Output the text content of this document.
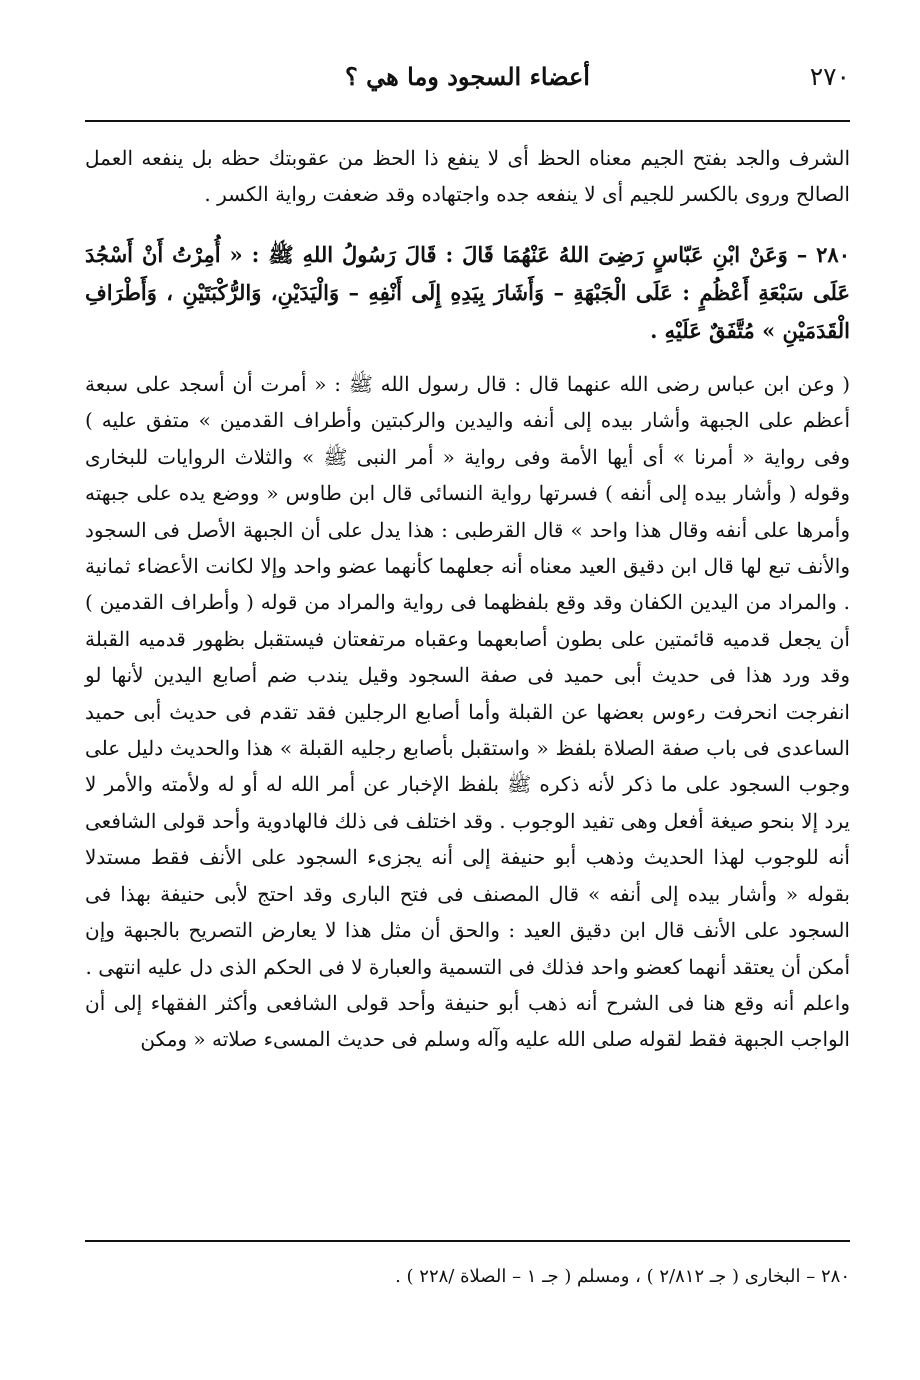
٢٧٠
أعضاء السجود وما هي ؟

الشرف والجد بفتح الجيم معناه الحظ أى لا ينفع ذا الحظ من عقوبتك حظه بل ينفعه العمل الصالح وروى بالكسر للجيم أى لا ينفعه جده واجتهاده وقد ضعفت رواية الكسر .

٢٨٠ – وَعَنْ ابْنِ عَبّاسٍ رَضِىَ اللهُ عَنْهُمَا قَالَ : قَالَ رَسُولُ اللهِ ﷺ : « أُمِرْتُ أَنْ أَسْجُدَ عَلَى سَبْعَةِ أَعْظُمٍ : عَلَى الْجَبْهَةِ – وَأَشَارَ بِيَدِهِ إِلَى أَنْفِهِ – وَالْيَدَيْنِ، وَالرُّكْبَتَيْنِ ، وَأَطْرَافِ الْقَدَمَيْنِ » مُتَّفَقٌ عَلَيْهِ .

( وعن ابن عباس رضى الله عنهما قال : قال رسول الله ﷺ : « أمرت أن أسجد على سبعة أعظم على الجبهة وأشار بيده إلى أنفه واليدين والركبتين وأطراف القدمين » متفق عليه ) وفى رواية « أمرنا » أى أيها الأمة وفى رواية « أمر النبى ﷺ » والثلاث الروايات للبخارى وقوله ( وأشار بيده إلى أنفه ) فسرتها رواية النسائى قال ابن طاوس « ووضع يده على جبهته وأمرها على أنفه وقال هذا واحد » قال القرطبى : هذا يدل على أن الجبهة الأصل فى السجود والأنف تبع لها قال ابن دقيق العيد معناه أنه جعلهما كأنهما عضو واحد وإلا لكانت الأعضاء ثمانية . والمراد من اليدين الكفان وقد وقع بلفظهما فى رواية والمراد من قوله ( وأطراف القدمين ) أن يجعل قدميه قائمتين على بطون أصابعهما وعقباه مرتفعتان فيستقبل بظهور قدميه القبلة وقد ورد هذا فى حديث أبى حميد فى صفة السجود وقيل يندب ضم أصابع اليدين لأنها لو انفرجت انحرفت رءوس بعضها عن القبلة وأما أصابع الرجلين فقد تقدم فى حديث أبى حميد الساعدى فى باب صفة الصلاة بلفظ « واستقبل بأصابع رجليه القبلة » هذا والحديث دليل على وجوب السجود على ما ذكر لأنه ذكره ﷺ بلفظ الإخبار عن أمر الله له أو له ولأمته والأمر لا يرد إلا بنحو صيغة أفعل وهى تفيد الوجوب . وقد اختلف فى ذلك فالهادوية وأحد قولى الشافعى أنه للوجوب لهذا الحديث وذهب أبو حنيفة إلى أنه يجزىء السجود على الأنف فقط مستدلا بقوله « وأشار بيده إلى أنفه » قال المصنف فى فتح البارى وقد احتج لأبى حنيفة بهذا فى السجود على الأنف قال ابن دقيق العيد : والحق أن مثل هذا لا يعارض التصريح بالجبهة وإن أمكن أن يعتقد أنهما كعضو واحد فذلك فى التسمية والعبارة لا فى الحكم الذى دل عليه انتهى .

واعلم أنه وقع هنا فى الشرح أنه ذهب أبو حنيفة وأحد قولى الشافعى وأكثر الفقهاء إلى أن الواجب الجبهة فقط لقوله صلى الله عليه وآله وسلم فى حديث المسىء صلاته « ومكن

٢٨٠ – البخارى ( جـ ٢/٨١٢ ) ، ومسلم ( جـ ١ – الصلاة /٢٢٨ ) .
